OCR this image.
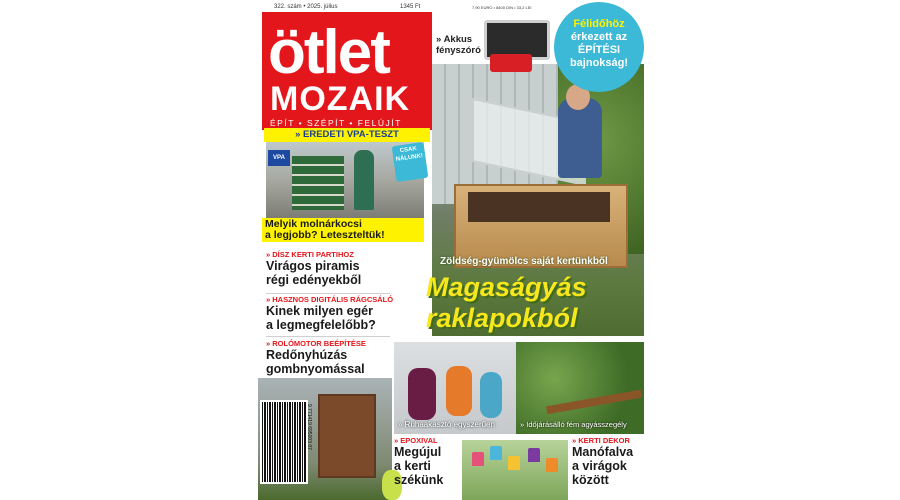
322. szám • 2025. július	1345 Ft	7,90 EURO • 8400 DIN • 33,2 LEI
ötlet
MOZAIK
ÉPÍT • SZÉPÍT • FELÚJÍT
» Akkus
fényszóró
Félidőhöz
érkezett az
ÉPÍTÉSI
bajnokság!
» EREDETI VPA-TESZT
VPA
CSAK NÁLUNK!
Melyik molnárkocsi
a legjobb? Leteszteltük!
» DÍSZ KERTI PARTIHOZ
Virágos piramis
régi edényekből
» HASZNOS DIGITÁLIS RÁGCSÁLÓ
Kinek milyen egér
a legmegfelelőbb?
» ROLÓMOTOR BEÉPÍTÉSE
Redőnyhúzás
gombnyomással
Zöldség-gyümölcs saját kertünkből
Magaságyás
raklapokból
» Ruhaakasztó egyszerűen	» Időjárásálló fém agyásszegély
9 771419 695003 07	» EPOXIVAL
Megújul
a kerti
székünk
» KERTI DEKOR
Manófalva
a virágok
között
